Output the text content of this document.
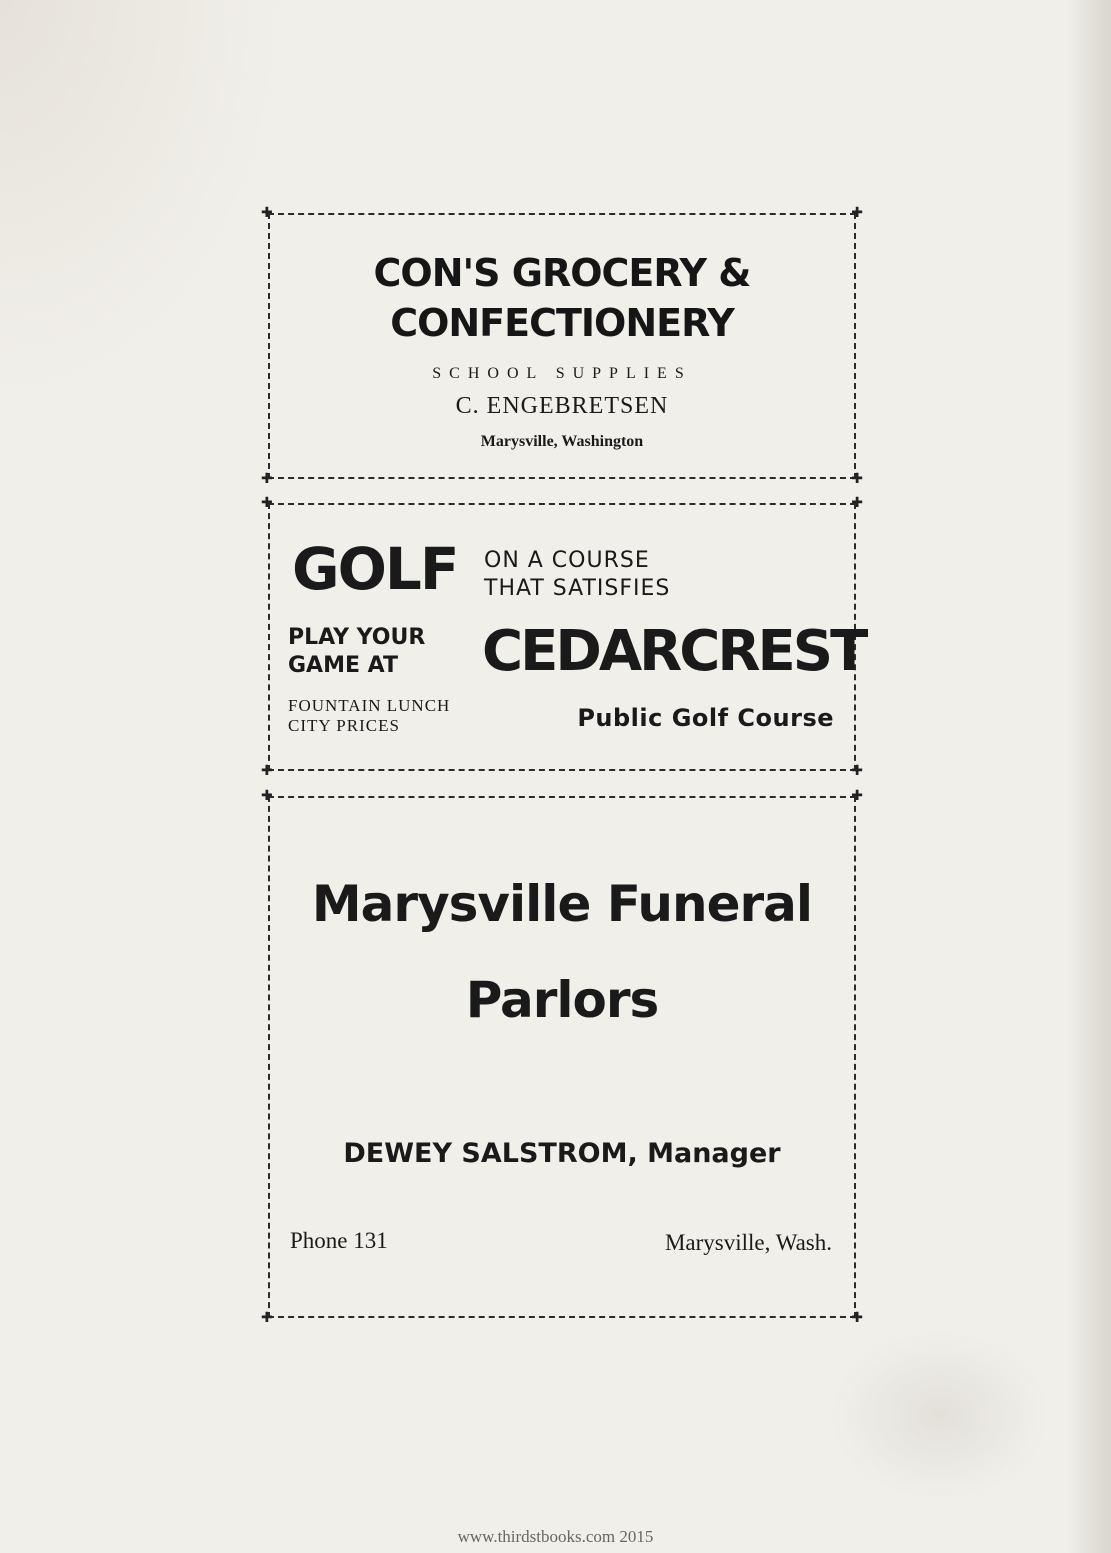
✚	✚
✚	✚
CON'S GROCERY &
CONFECTIONERY
SCHOOL SUPPLIES
C. ENGEBRETSEN
Marysville, Washington
✚	✚
✚	✚
GOLF ON A COURSE
THAT SATISFIES
PLAY YOUR
GAME AT	CEDARCREST
FOUNTAIN LUNCH
CITY PRICES	Public Golf Course
✚	✚
✚	✚
Marysville Funeral
Parlors
DEWEY SALSTROM, Manager
Phone 131	Marysville, Wash.
www.thirdstbooks.com 2015
